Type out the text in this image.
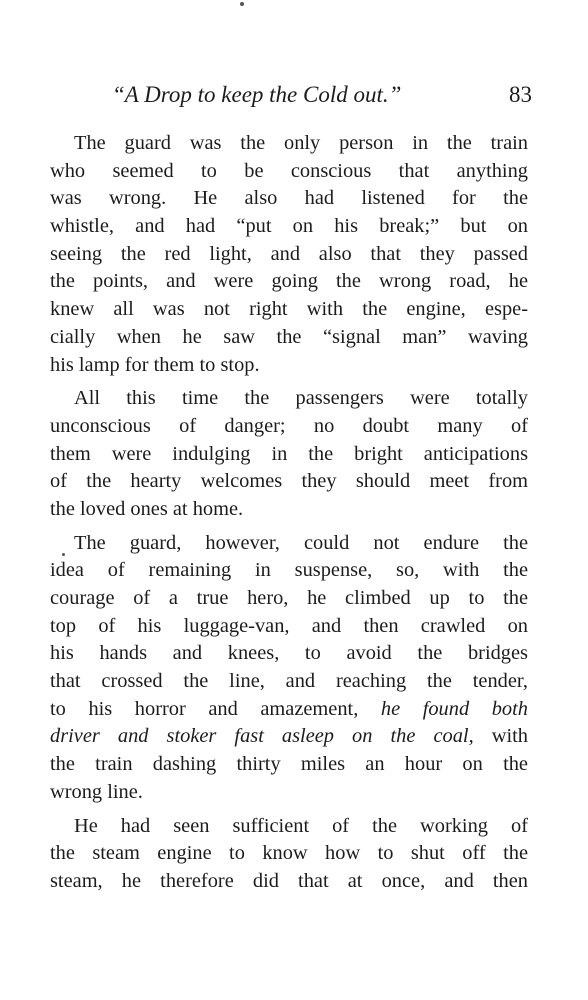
“A Drop to keep the Cold out.”	83
The guard was the only person in the train
who seemed to be conscious that anything
was wrong. He also had listened for the
whistle, and had “put on his break;” but on
seeing the red light, and also that they passed
the points, and were going the wrong road, he
knew all was not right with the engine, espe-
cially when he saw the “signal man” waving
his lamp for them to stop.
All this time the passengers were totally
unconscious of danger; no doubt many of
them were indulging in the bright anticipations
of the hearty welcomes they should meet from
the loved ones at home.
The guard, however, could not endure the
idea of remaining in suspense, so, with the
courage of a true hero, he climbed up to the
top of his luggage-van, and then crawled on
his hands and knees, to avoid the bridges
that crossed the line, and reaching the tender,
to his horror and amazement, he found both
driver and stoker fast asleep on the coal, with
the train dashing thirty miles an hour on the
wrong line.
He had seen sufficient of the working of
the steam engine to know how to shut off the
steam, he therefore did that at once, and then
